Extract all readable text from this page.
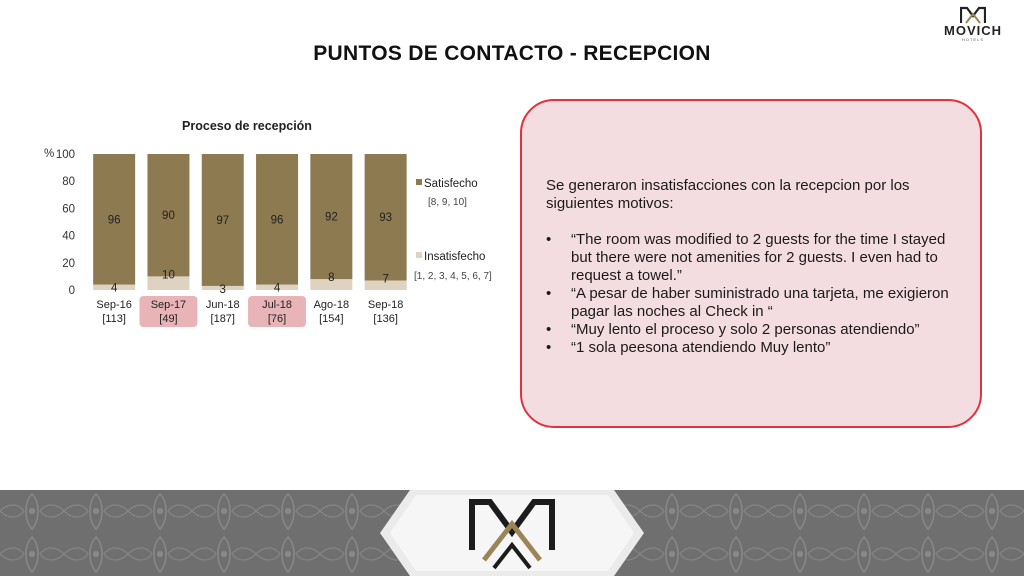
PUNTOS DE CONTACTO - RECEPCION
MOVICH
HOTELS
Proceso de recepción
%
0
20
40
60
80
100
96
4
90
10
97
3
96
4
92
8
93
7
Sep-16
[113]
Sep-17
[49]
Jun-18
[187]
Jul-18
[76]
Ago-18
[154]
Sep-18
[136]
Satisfecho
[8, 9, 10]
Insatisfecho
[1, 2, 3, 4, 5, 6, 7]

Se generaron insatisfacciones con la recepcion por los siguientes motivos:

• “The room was modified to 2 guests for the time I stayed but there were not amenities for 2 guests. I even had to request a towel.”
• “A pesar de haber suministrado una tarjeta, me exigieron pagar las noches al Check in “
• “Muy lento el proceso y solo 2 personas atendiendo”
• “1 sola peesona atendiendo Muy lento”
